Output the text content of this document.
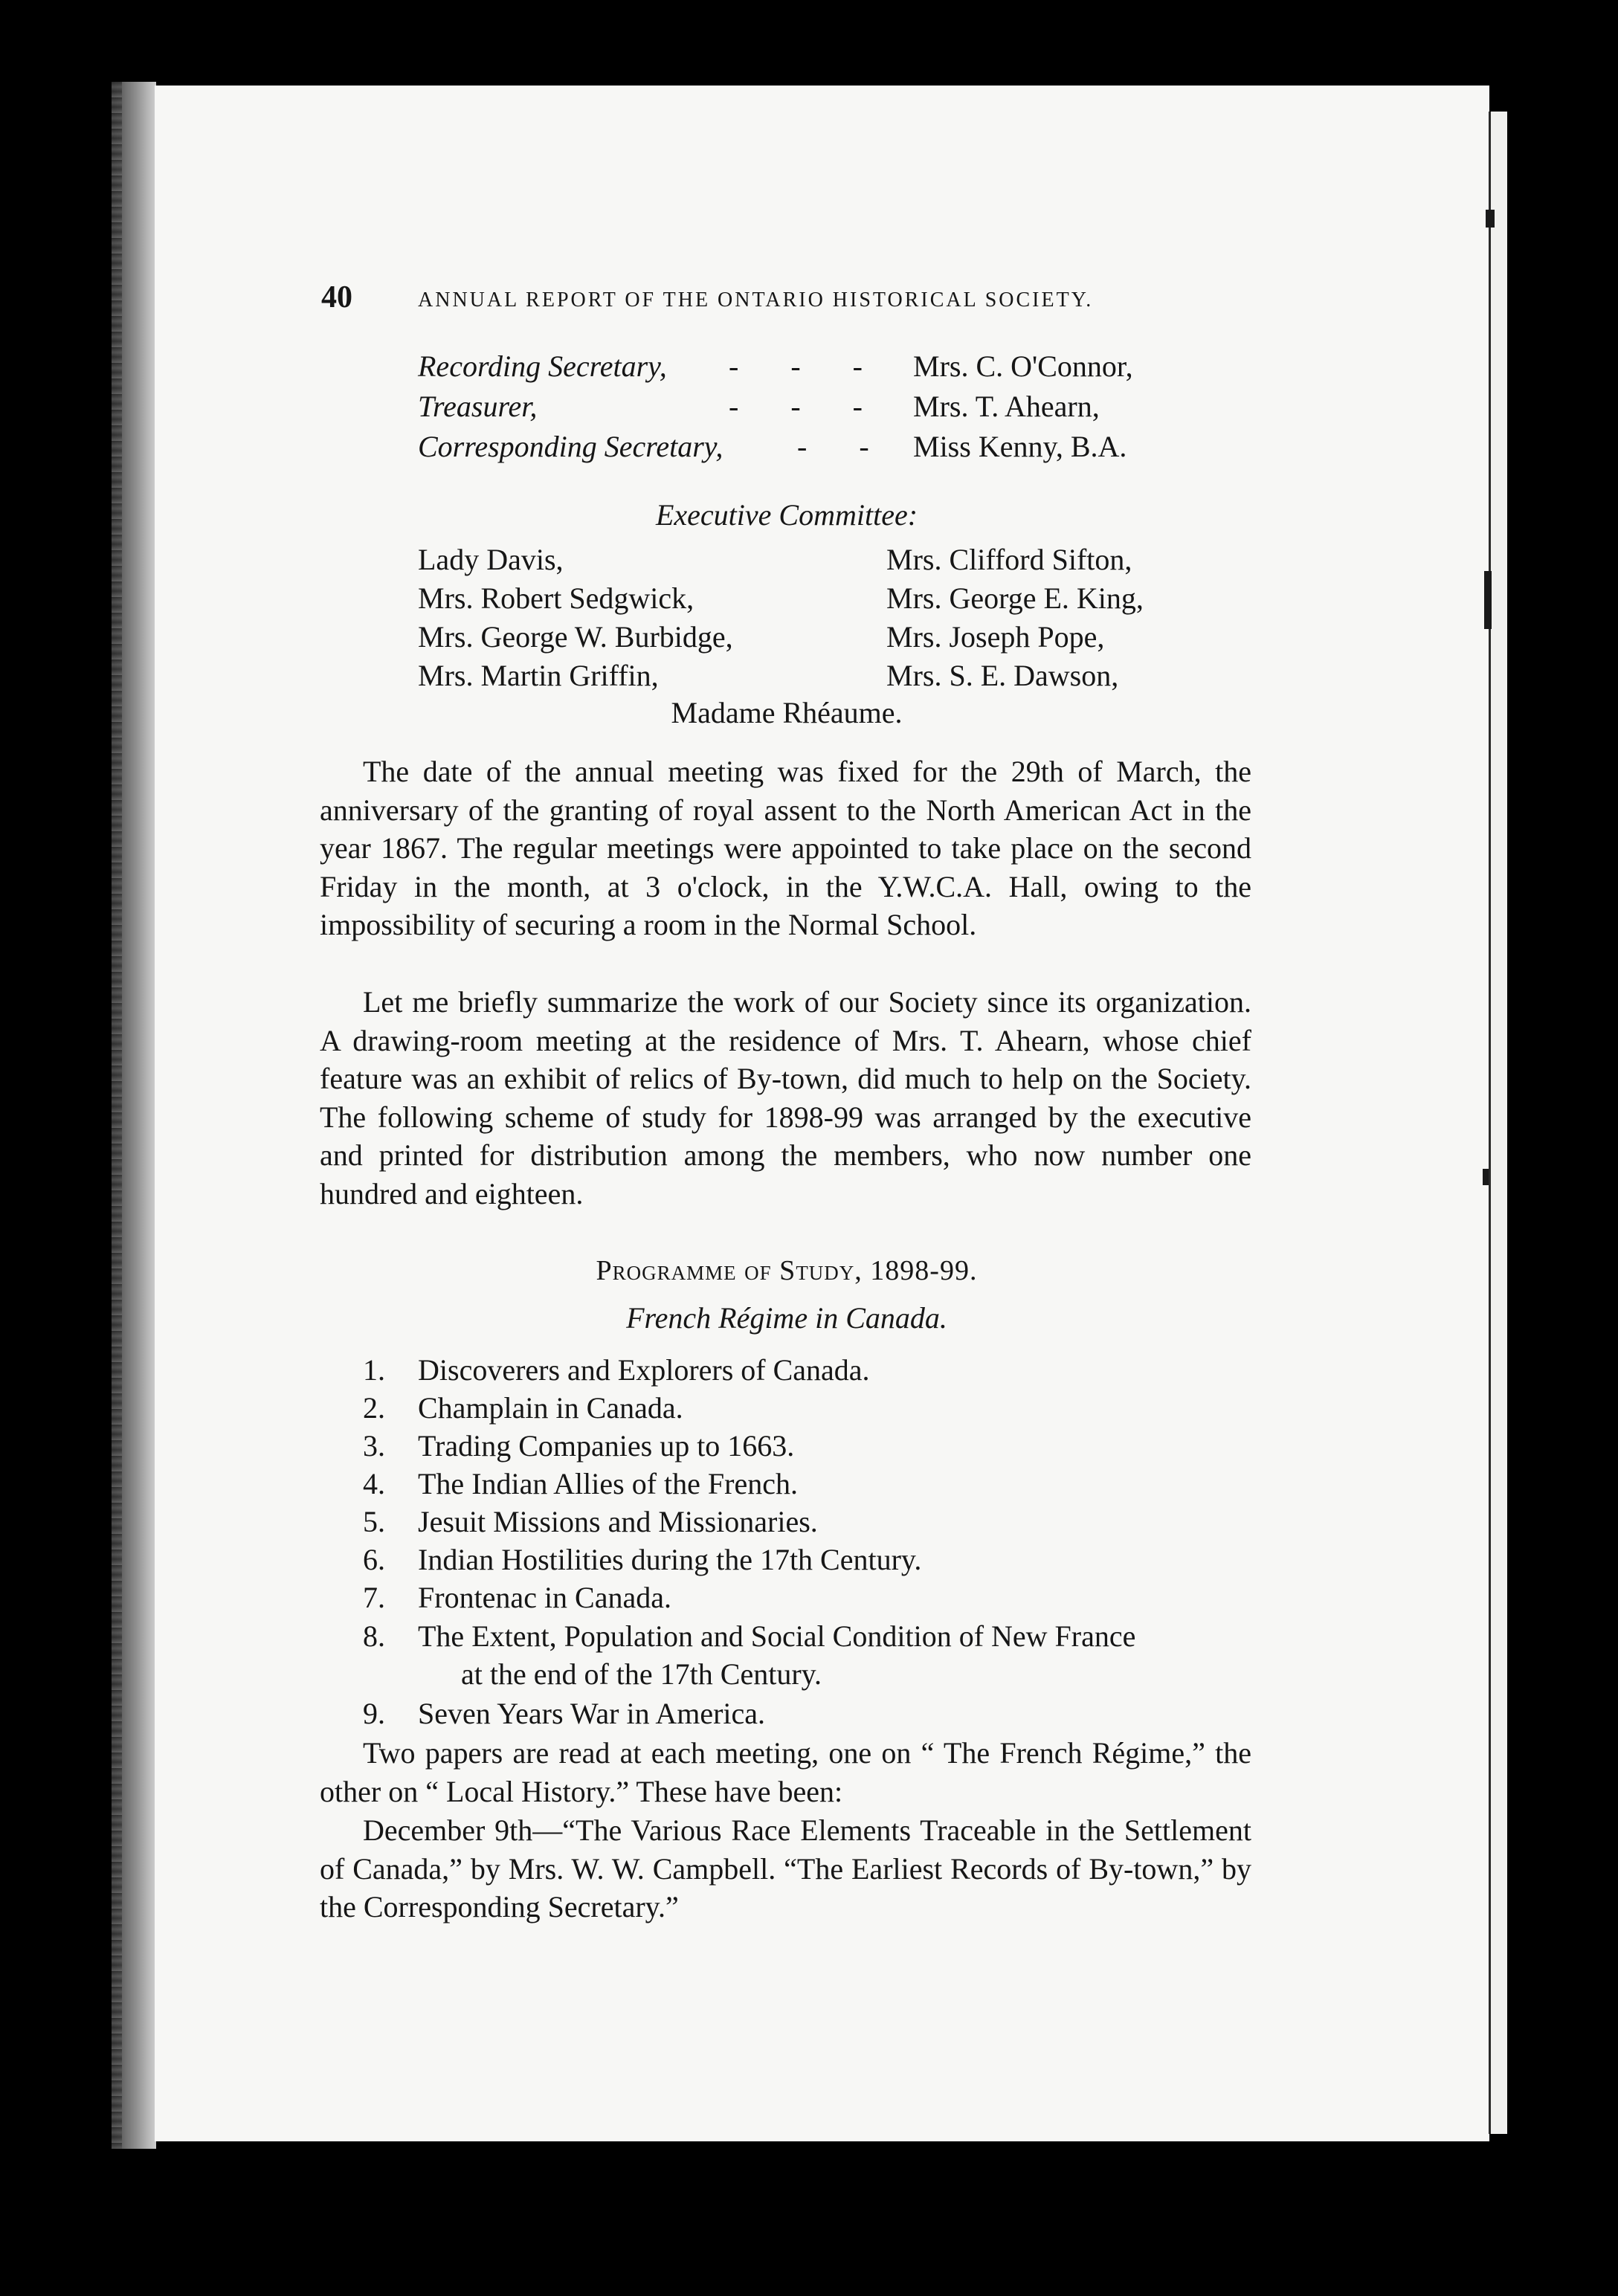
40	ANNUAL REPORT OF THE ONTARIO HISTORICAL SOCIETY.
Recording Secretary, -       -       - Mrs. C. O'Connor,
Treasurer,	-       -       - Mrs. T. Ahearn,
Corresponding Secretary, -       - Miss Kenny, B.A.
Executive Committee:
Lady Davis,
Mrs. Robert Sedgwick,
Mrs. George W. Burbidge,
Mrs. Martin Griffin,
Mrs. Clifford Sifton,
Mrs. George E. King,
Mrs. Joseph Pope,
Mrs. S. E. Dawson,
Madame Rhéaume.

The date of the annual meeting was fixed for the 29th of March, the anniversary of the granting of royal assent to the North American Act in the year 1867. The regular meetings were appointed to take place on the second Friday in the month, at 3 o'clock, in the Y.W.C.A. Hall, owing to the impossibility of securing a room in the Normal School.

Let me briefly summarize the work of our Society since its organization. A drawing-room meeting at the residence of Mrs. T. Ahearn, whose chief feature was an exhibit of relics of By-town, did much to help on the Society. The following scheme of study for 1898-99 was arranged by the executive and printed for distribution among the members, who now number one hundred and eighteen.

Programme of Study, 1898-99.
French Régime in Canada.
1. Discoverers and Explorers of Canada.
2. Champlain in Canada.
3. Trading Companies up to 1663.
4. The Indian Allies of the French.
5. Jesuit Missions and Missionaries.
6. Indian Hostilities during the 17th Century.
7. Frontenac in Canada.
8. The Extent, Population and Social Condition of New France
at the end of the 17th Century.
9. Seven Years War in America.

Two papers are read at each meeting, one on “ The French Régime,” the other on “ Local History.” These have been:

December 9th—“The Various Race Elements Traceable in the Settlement of Canada,” by Mrs. W. W. Campbell. “The Earliest Records of By-town,” by the Corresponding Secretary.”
